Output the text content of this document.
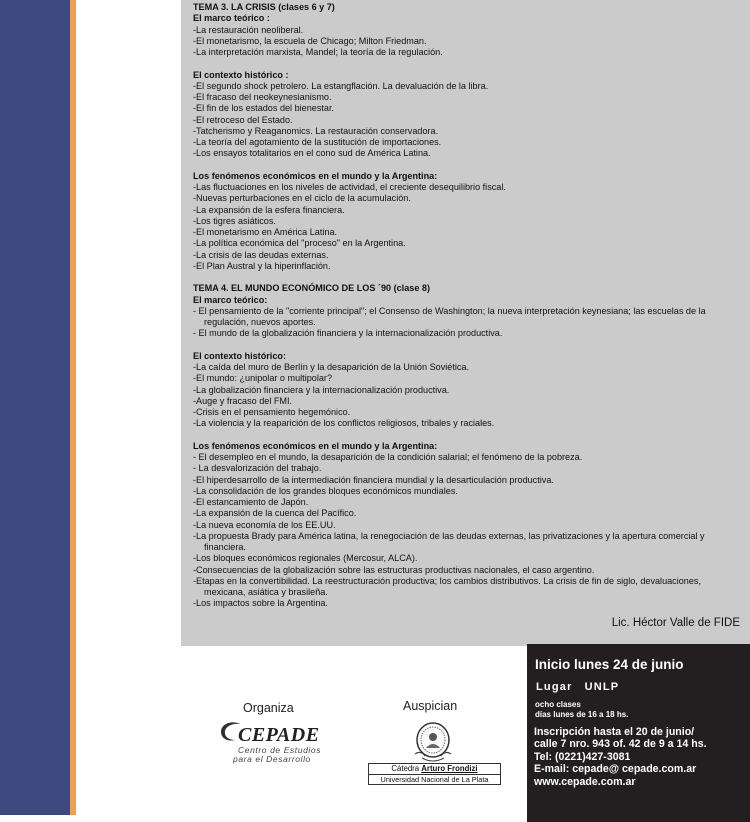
TEMA 3. LA CRISIS (clases 6 y 7)
El marco teórico :
-La restauración neoliberal.
-El monetarismo, la escuela de Chicago; Milton Friedman.
-La interpretación marxista, Mandel; la teoría de la regulación.
El contexto histórico :
-El segundo shock petrolero. La estangflación. La devaluación de la libra.
-El fracaso del neokeynesianismo.
-El fin de los estados del bienestar.
-El retroceso del Estado.
-Tatcherismo y Reaganomics. La restauración conservadora.
-La teoría del agotamiento de la sustitución de importaciones.
-Los ensayos totalitarios en el cono sud de América Latina.
Los fenómenos económicos en el mundo y la Argentina:
-Las fluctuaciones en los niveles de actividad, el creciente desequilibrio fiscal.
-Nuevas perturbaciones en el ciclo de la acumulación.
-La expansión de la esfera financiera.
-Los tigres asiáticos.
-El monetarismo en América Latina.
-La política económica del "proceso" en la Argentina.
-La crisis de las deudas externas.
-El Plan Austral y la hiperinflación.
TEMA 4. EL MUNDO ECONÓMICO DE LOS ´90 (clase 8)
El marco teórico:
- El pensamiento de la "corriente principal"; el Consenso de Washington; la nueva interpretación keynesiana; las escuelas de la regulación, nuevos aportes.
- El mundo de la globalización financiera y la internacionalización productiva.
El contexto histórico:
-La caída del muro de Berlín y la desaparición de la Unión Soviética.
-El mundo: ¿unipolar o multipolar?
-La globalización financiera y la internacionalización productiva.
-Auge y fracaso del FMI.
-Crisis en el pensamiento hegemónico.
-La violencia y la reaparición de los conflictos religiosos, tribales y raciales.
Los fenómenos económicos en el mundo y la Argentina:
- El desempleo en el mundo, la desaparición de la condición salarial; el fenómeno de la pobreza.
- La desvalorización del trabajo.
-El hiperdesarrollo de la intermediación financiera mundial y la desarticulación productiva.
-La consolidación de los grandes bloques económicos mundiales.
-El estancamiento de Japón.
-La expansión de la cuenca del Pacífico.
-La nueva economía de los EE.UU.
-La propuesta Brady para América latina, la renegociación de las deudas externas, las privatizaciones y la apertura comercial y financiera.
-Los bloques económicos regionales (Mercosur, ALCA).
-Consecuencias de la globalización sobre las estructuras productivas nacionales, el caso argentino.
-Etapas en la convertibilidad. La reestructuración productiva; los cambios distributivos. La crisis de fin de siglo, devaluaciones, mexicana, asiática y brasileña.
-Los impactos sobre la Argentina.
Lic. Héctor Valle de FIDE
Inicio lunes 24 de junio
Lugar UNLP
ocho clases
días lunes de 16 a 18 hs.
Inscripción hasta el 20 de junio/
calle 7 nro. 943 of. 42 de 9 a 14 hs.
Tel: (0221)427-3081
E-mail: cepade@ cepade.com.ar
www.cepade.com.ar
Organiza	Auspician
CEPADE
Centro de Estudios
para el Desarrollo
Cátedra Arturo Frondizi
Universidad Nacional de La Plata
